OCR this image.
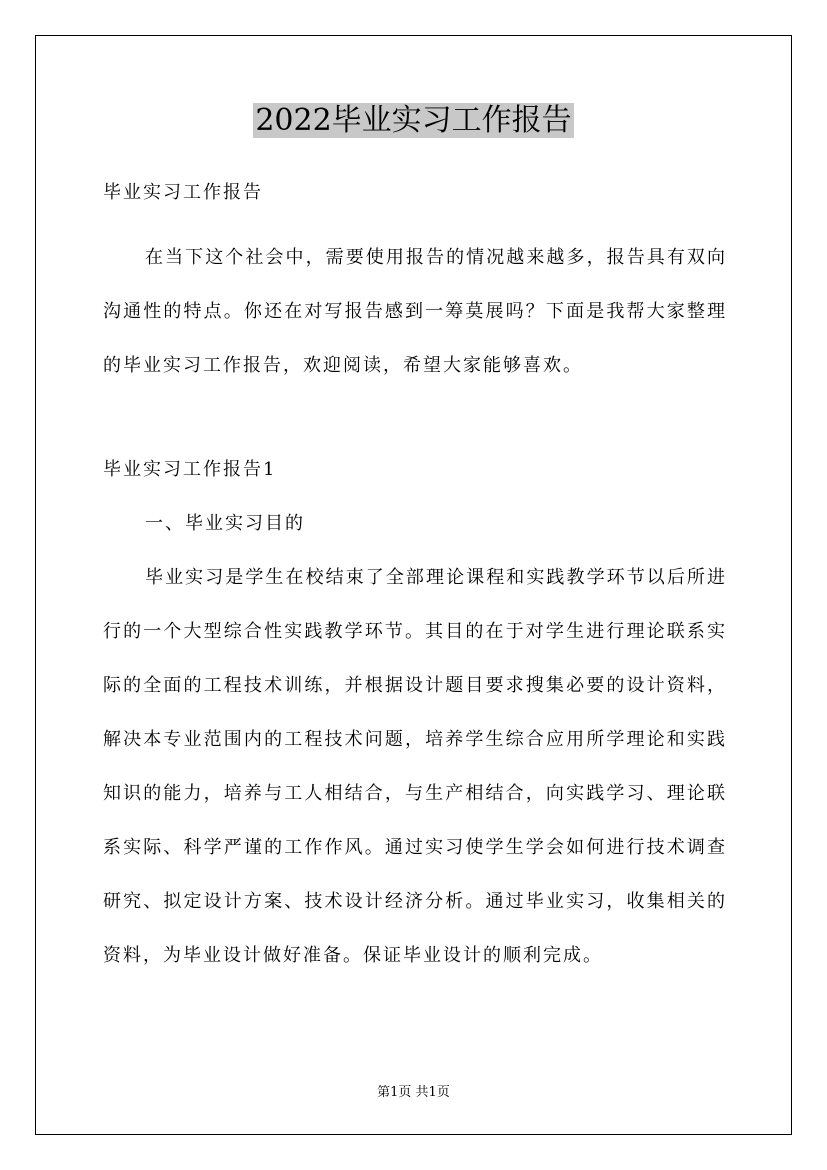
2022毕业实习工作报告

毕业实习工作报告

在当下这个社会中，需要使用报告的情况越来越多，报告具有双向沟通性的特点。你还在对写报告感到一筹莫展吗？下面是我帮大家整理的毕业实习工作报告，欢迎阅读，希望大家能够喜欢。

毕业实习工作报告1

一、毕业实习目的

毕业实习是学生在校结束了全部理论课程和实践教学环节以后所进行的一个大型综合性实践教学环节。其目的在于对学生进行理论联系实际的全面的工程技术训练，并根据设计题目要求搜集必要的设计资料，解决本专业范围内的工程技术问题，培养学生综合应用所学理论和实践知识的能力，培养与工人相结合，与生产相结合，向实践学习、理论联系实际、科学严谨的工作作风。通过实习使学生学会如何进行技术调查研究、拟定设计方案、技术设计经济分析。通过毕业实习，收集相关的资料，为毕业设计做好准备。保证毕业设计的顺利完成。

第1页 共1页
